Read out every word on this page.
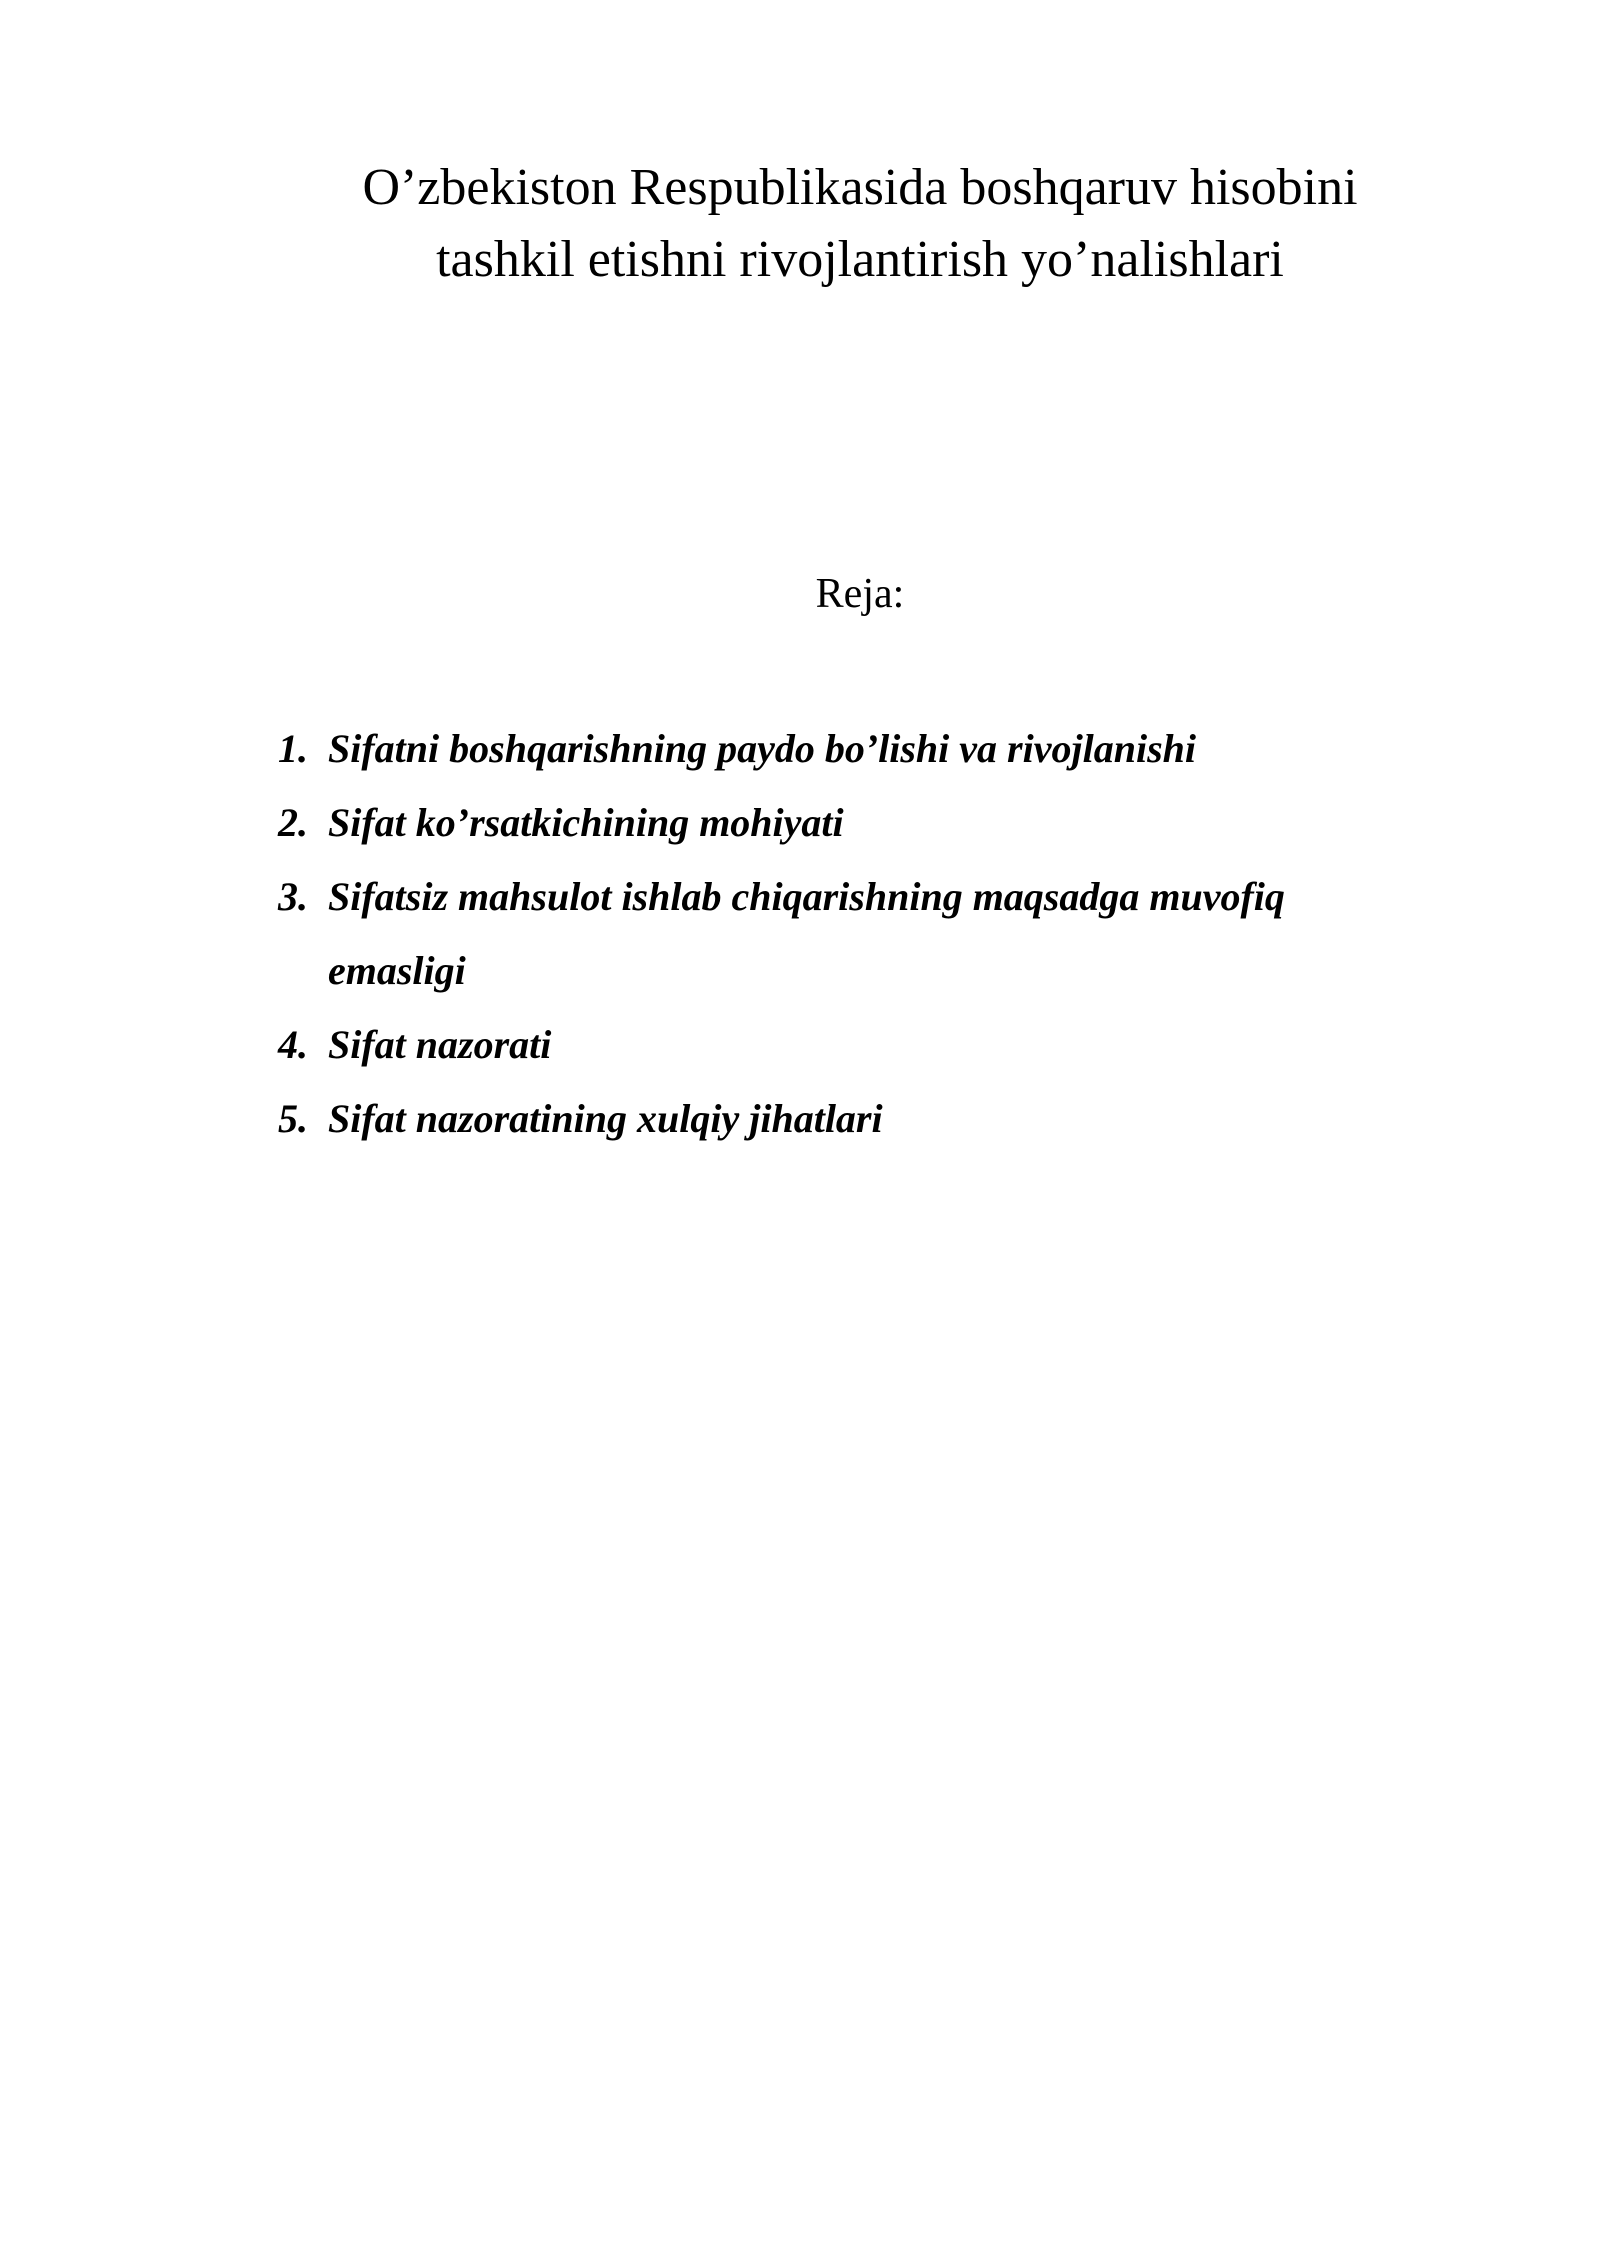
O’zbekiston Respublikasida boshqaruv hisobini
tashkil etishni rivojlantirish yo’nalishlari
Reja:
1. Sifatni boshqarishning paydo bo’lishi va rivojlanishi
2. Sifat ko’rsatkichining mohiyati
3. Sifatsiz mahsulot ishlab chiqarishning maqsadga muvofiq emasligi
4. Sifat nazorati
5. Sifat nazoratining xulqiy jihatlari
